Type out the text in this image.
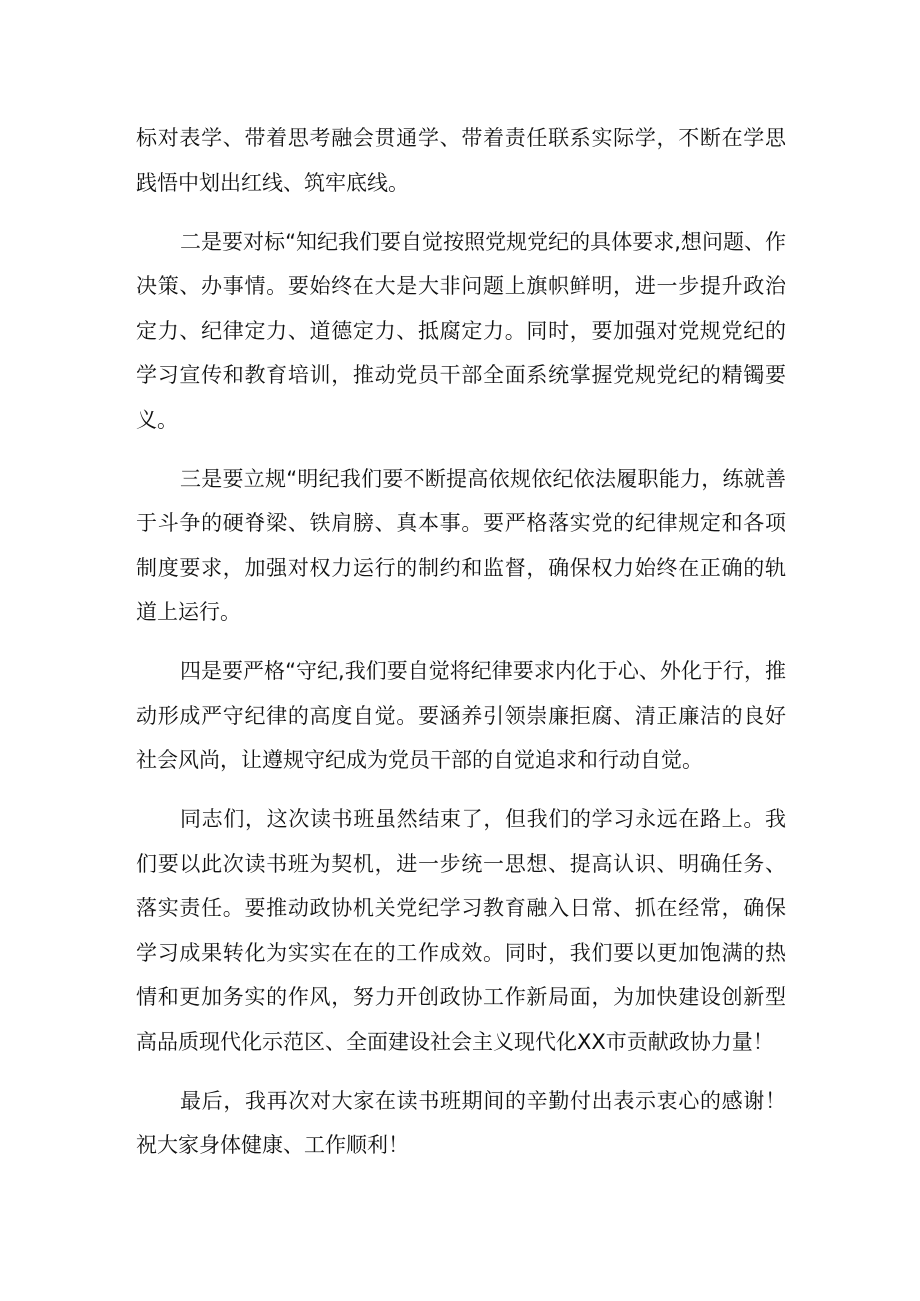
标对表学、带着思考融会贯通学、带着责任联系实际学，不断在学思践悟中划出红线、筑牢底线。

二是要对标“知纪我们要自觉按照党规党纪的具体要求,想问题、作决策、办事情。要始终在大是大非问题上旗帜鲜明，进一步提升政治定力、纪律定力、道德定力、抵腐定力。同时，要加强对党规党纪的学习宣传和教育培训，推动党员干部全面系统掌握党规党纪的精镯要义。

三是要立规“明纪我们要不断提高依规依纪依法履职能力，练就善于斗争的硬脊梁、铁肩膀、真本事。要严格落实党的纪律规定和各项制度要求，加强对权力运行的制约和监督，确保权力始终在正确的轨道上运行。

四是要严格“守纪,我们要自觉将纪律要求内化于心、外化于行，推动形成严守纪律的高度自觉。要涵养引领崇廉拒腐、清正廉洁的良好社会风尚，让遵规守纪成为党员干部的自觉追求和行动自觉。

同志们，这次读书班虽然结束了，但我们的学习永远在路上。我们要以此次读书班为契机，进一步统一思想、提高认识、明确任务、落实责任。要推动政协机关党纪学习教育融入日常、抓在经常，确保学习成果转化为实实在在的工作成效。同时，我们要以更加饱满的热情和更加务实的作风，努力开创政协工作新局面，为加快建设创新型高品质现代化示范区、全面建设社会主义现代化XX市贡献政协力量！

最后，我再次对大家在读书班期间的辛勤付出表示衷心的感谢！祝大家身体健康、工作顺利！
